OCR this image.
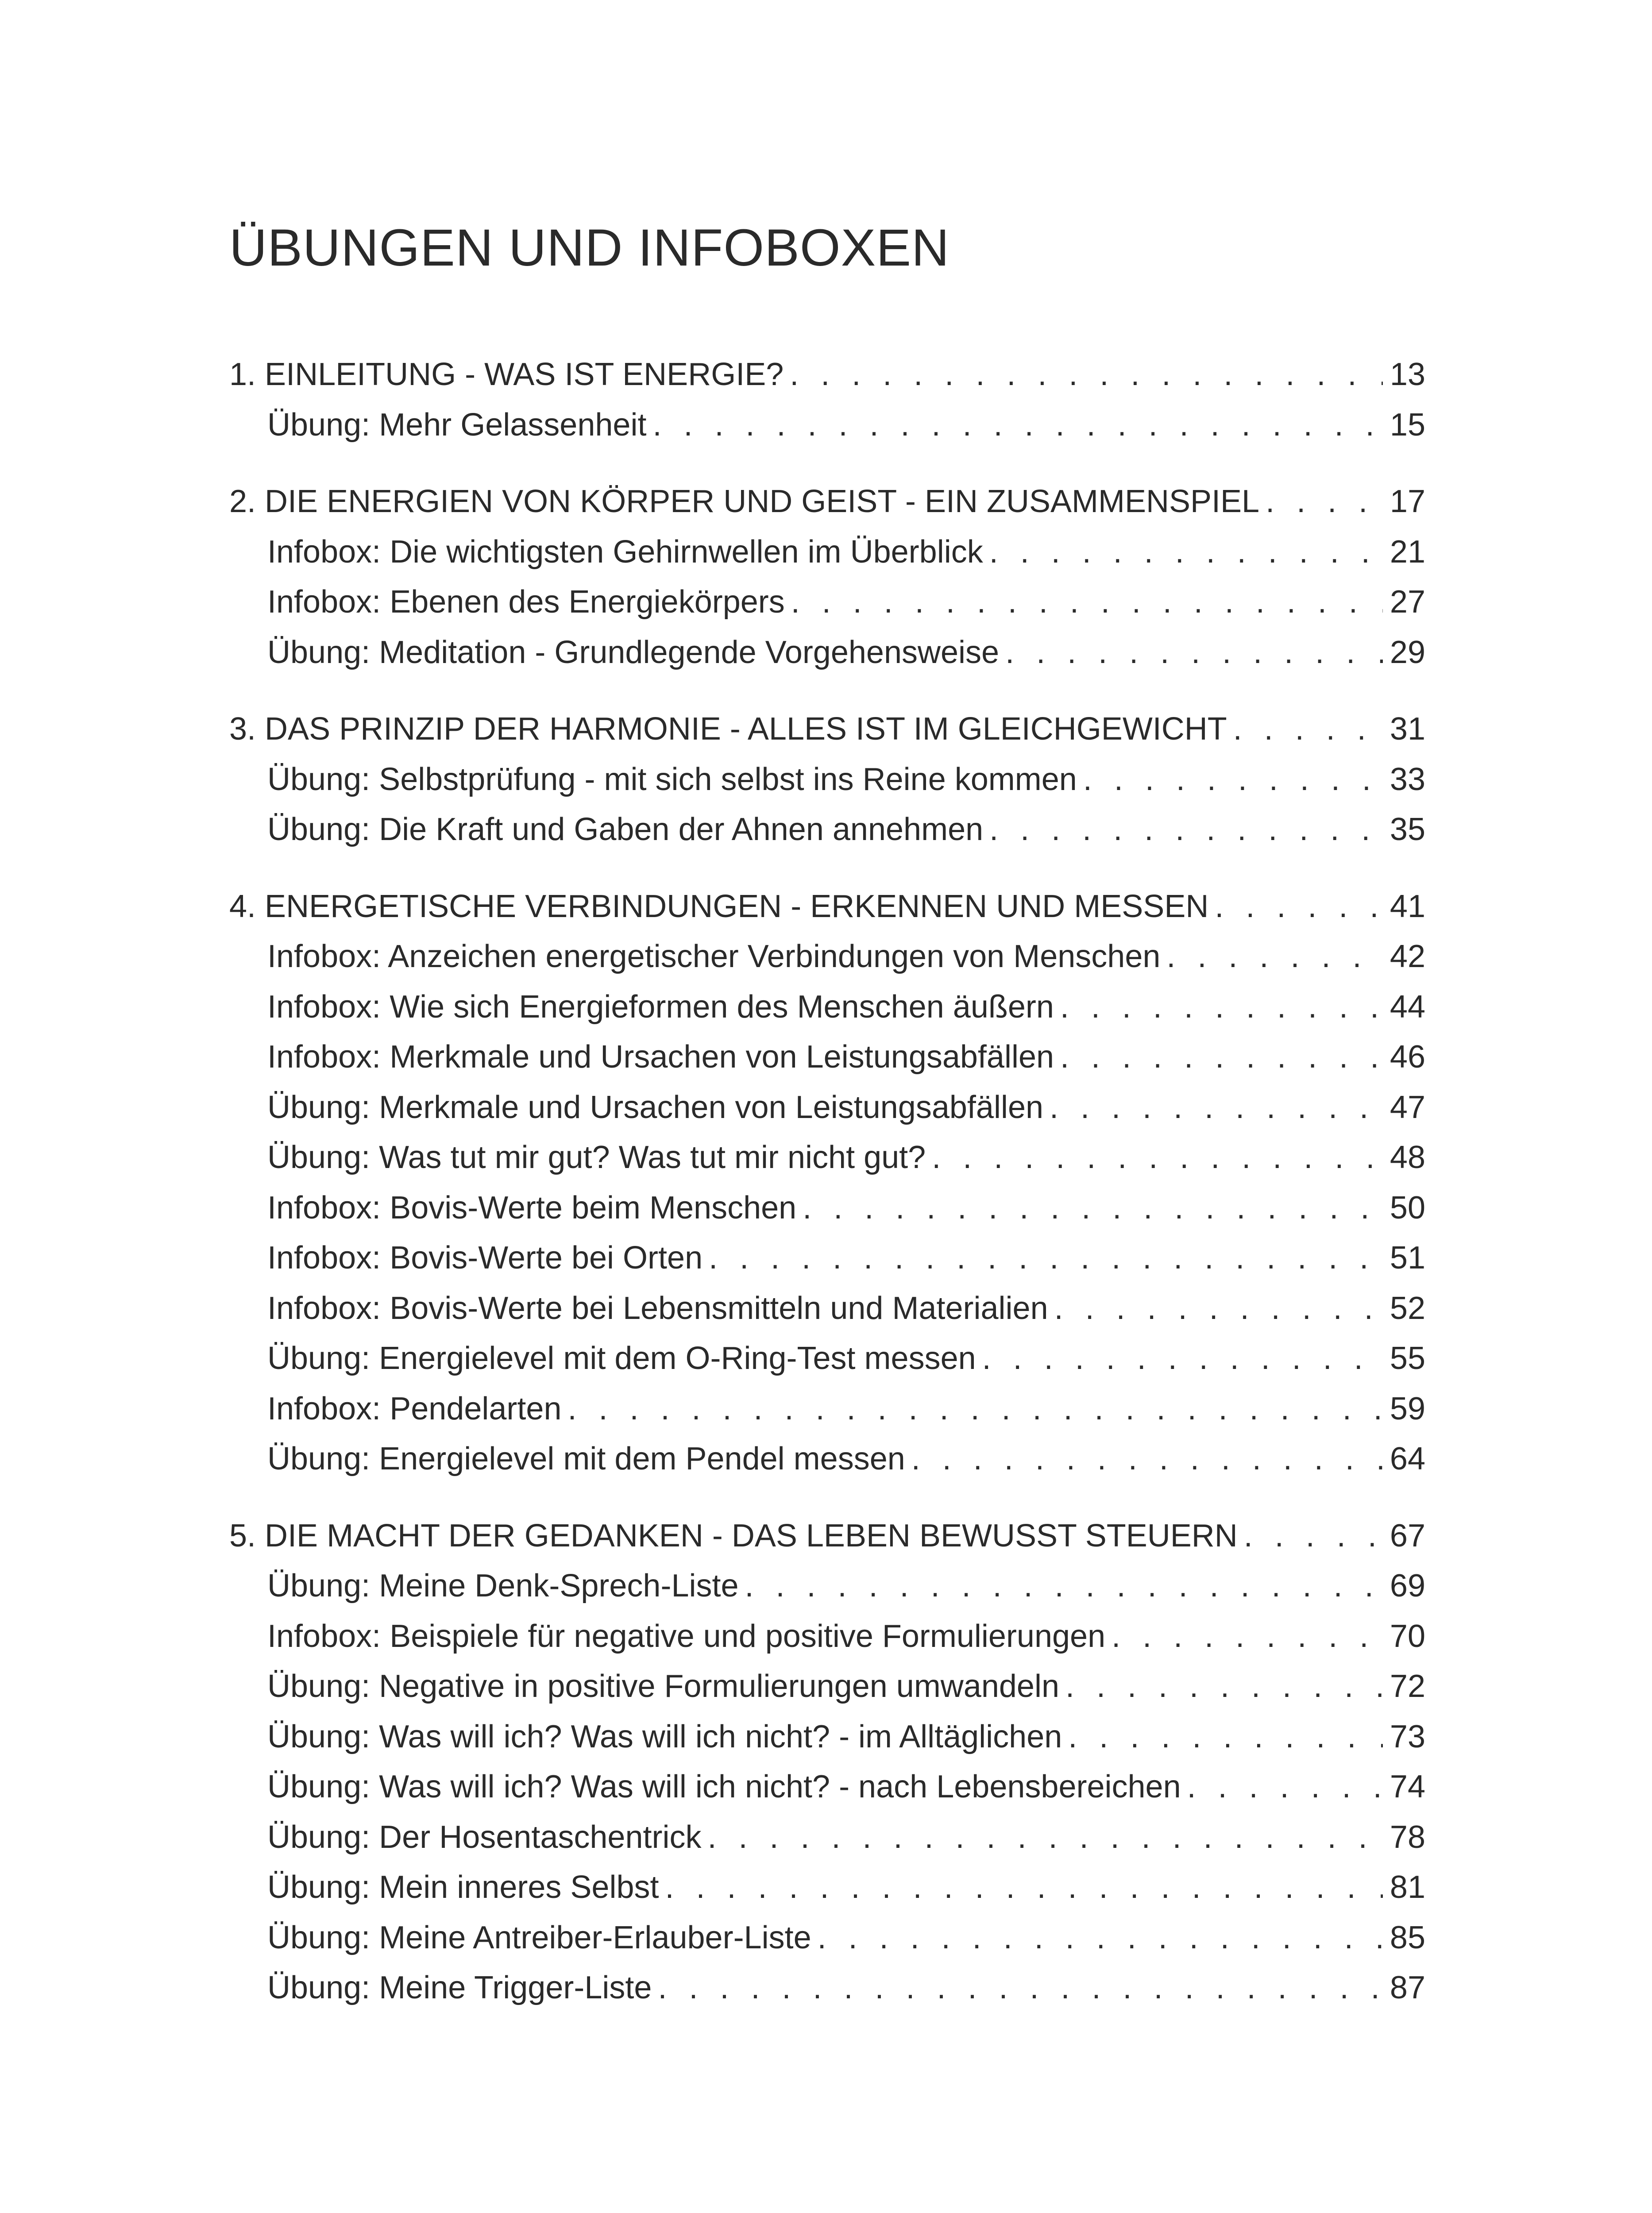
ÜBUNGEN UND INFOBOXEN
1. EINLEITUNG - WAS IST ENERGIE? . . .	13
Übung: Mehr Gelassenheit . . .	15
2. DIE ENERGIEN VON KÖRPER UND GEIST - EIN ZUSAMMENSPIEL . . .	17
Infobox: Die wichtigsten Gehirnwellen im Überblick . . .	21
Infobox: Ebenen des Energiekörpers . . .	27
Übung: Meditation - Grundlegende Vorgehensweise . . .	29
3. DAS PRINZIP DER HARMONIE - ALLES IST IM GLEICHGEWICHT . . .	31
Übung: Selbstprüfung - mit sich selbst ins Reine kommen . . .	33
Übung: Die Kraft und Gaben der Ahnen annehmen . . .	35
4. ENERGETISCHE VERBINDUNGEN - ERKENNEN UND MESSEN . . .	41
Infobox: Anzeichen energetischer Verbindungen von Menschen . . .	42
Infobox: Wie sich Energieformen des Menschen äußern . . .	44
Infobox: Merkmale und Ursachen von Leistungsabfällen . . .	46
Übung: Merkmale und Ursachen von Leistungsabfällen . . .	47
Übung: Was tut mir gut? Was tut mir nicht gut? . . .	48
Infobox: Bovis-Werte beim Menschen . . .	50
Infobox: Bovis-Werte bei Orten . . .	51
Infobox: Bovis-Werte bei Lebensmitteln und Materialien . . .	52
Übung: Energielevel mit dem O-Ring-Test messen . . .	55
Infobox: Pendelarten . . .	59
Übung: Energielevel mit dem Pendel messen . . .	64
5. DIE MACHT DER GEDANKEN - DAS LEBEN BEWUSST STEUERN . . .	67
Übung: Meine Denk-Sprech-Liste . . .	69
Infobox: Beispiele für negative und positive Formulierungen . . .	70
Übung: Negative in positive Formulierungen umwandeln . . .	72
Übung: Was will ich? Was will ich nicht? - im Alltäglichen . . .	73
Übung: Was will ich? Was will ich nicht? - nach Lebensbereichen . . .	74
Übung: Der Hosentaschentrick . . .	78
Übung: Mein inneres Selbst . . .	81
Übung: Meine Antreiber-Erlauber-Liste . . .	85
Übung: Meine Trigger-Liste . . .	87
